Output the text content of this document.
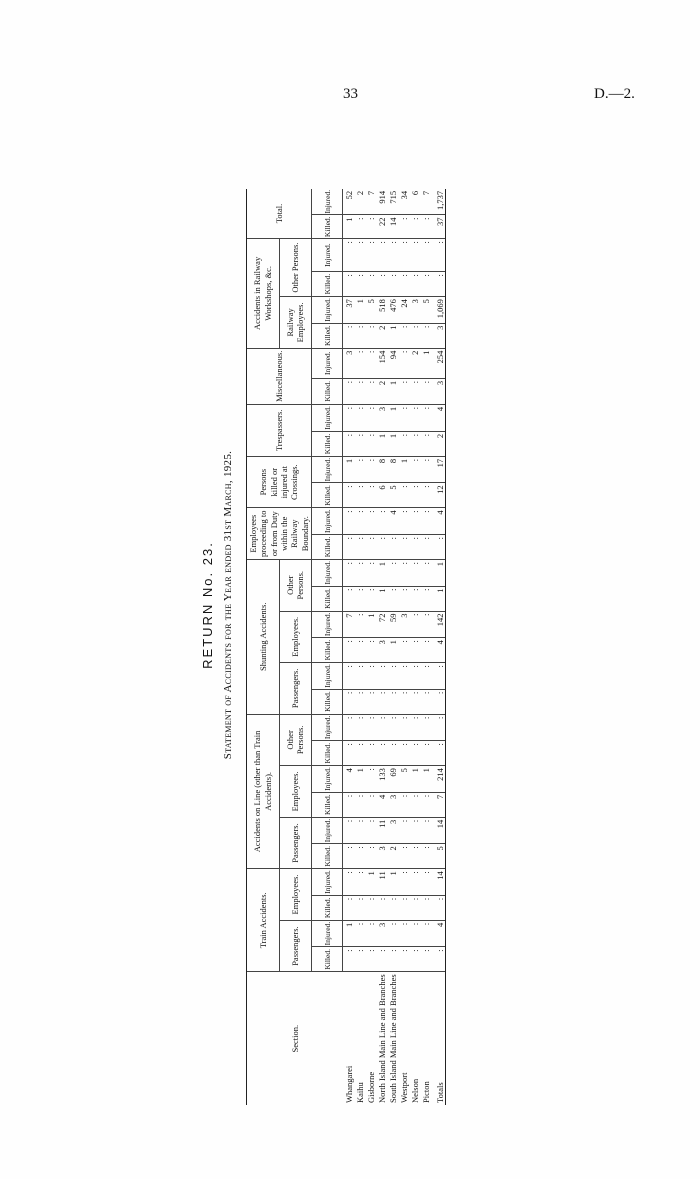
33	D.—2.
RETURN No. 23. Statement of Accidents for the Year ended 31st March, 1925.
Section.	Train Accidents.				Accidents on Line (other than Train Accidents).						Shunting Accidents.						Employees proceeding to or from Duty within the Railway Boundary.		Persons killed or injured at Crossings.		Trespassers.		Miscellaneous.		Accidents in Railway Workshops, &c.				Total.	
	Passengers.		Employees.		Passengers.		Employees.		Other Persons.		Passengers.		Employees.		Other Persons.										Railway Employees.		Other Persons.			
	Killed.	Injured.	Killed.	Injured.	Killed.	Injured.	Killed.	Injured.	Killed.	Injured.	Killed.	Injured.	Killed.	Injured.	Killed.	Injured.	Killed.	Injured.	Killed.	Injured.	Killed.	Injured.	Killed.	Injured.	Killed.	Injured.	Killed.	Injured.	Killed.	Injured.
Whangarei	:	1	:	:	:	:	:	4	:	:	:	:	:	7	:	:	:	:	:	1	:	:	:	3	:	37	:	:	1	52
Kaihu	:	:	:	:	:	:	:	1	:	:	:	:	:	:	:	:	:	:	:	:	:	:	:	:	:	1	:	:	:	2
Gisborne	:	:	:	1	:	:	:	:	:	:	:	:	:	1	:	:	:	:	:	:	:	:	:	:	:	5	:	:	:	7
North Island Main Line and Branches	:	3	:	11	3	11	4	133	:	:	:	:	3	72	1	1	:	:	6	8	1	3	2	154	2	518	:	:	22	914
South Island Main Line and Branches	:	:	:	1	2	3	3	69	:	:	:	:	1	59	:	:	:	4	5	8	1	1	1	94	1	476	:	:	14	715
Westport	:	:	:	:	:	:	:	5	:	:	:	:	:	3	:	:	:	:	:	1	:	:	:	:	:	24	:	:	:	34
Nelson	:	:	:	:	:	:	:	1	:	:	:	:	:	:	:	:	:	:	:	:	:	:	:	2	:	3	:	:	:	6
Picton	:	:	:	:	:	:	:	1	:	:	:	:	:	:	:	:	:	:	:	:	:	:	:	1	:	5	:	:	:	7
Totals	:	4	:	14	5	14	7	214	:	:	:	:	4	142	1	1	:	4	12	17	2	4	3	254	3	1,069	:	:	37	1,737
